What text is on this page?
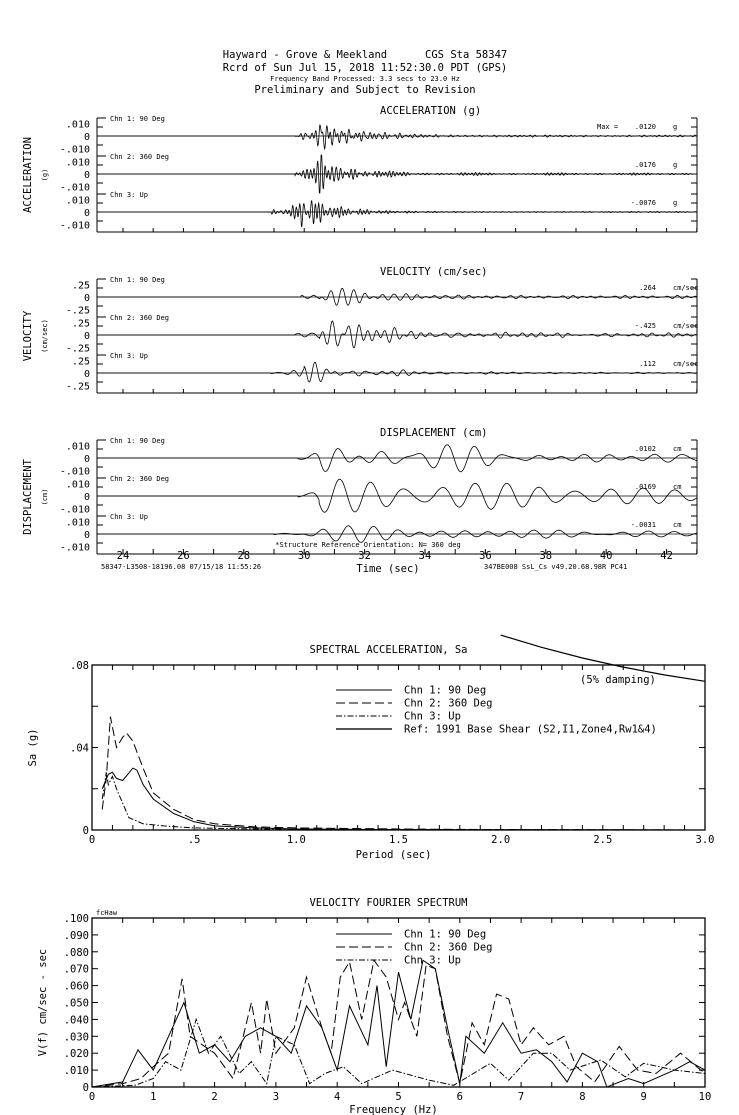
Hayward - Grove & Meekland      CGS Sta 58347
Rcrd of Sun Jul 15, 2018 11:52:30.0 PDT (GPS)
Frequency Band Processed: 3.3 secs to 23.0 Hz
Preliminary and Subject to Revision
ACCELERATION (g)
ACCELERATION (g)
.010
0
-.010
Chn 1: 90 Deg
Max = .0120 g
.010
0
-.010
Chn 2: 360 Deg
.0176 g
.010
0
-.010
Chn 3: Up
-.0076 g
VELOCITY (cm/sec)
VELOCITY (cm/sec)
.25
0
-.25
Chn 1: 90 Deg
.264 cm/sec
.25
0
-.25
Chn 2: 360 Deg
-.425 cm/sec
.25
0
-.25
Chn 3: Up
.112 cm/sec
DISPLACEMENT (cm)
DISPLACEMENT (cm)
.010
0
-.010
Chn 1: 90 Deg
.0102 cm
.010
0
-.010
Chn 2: 360 Deg
.0169 cm
.010
0
-.010
Chn 3: Up
-.0031 cm
24	26	28	30	32	34	36	38	40	42
Time (sec)
58347-L3508-18196.08 07/15/18 11:55:26	347BE008 SsL_Cs v49.20.68.98R PC41
*Structure Reference Orientation: N= 360 deg
SPECTRAL ACCELERATION, Sa
0	.5	1.0	1.5	2.0	2.5	3.0
.08
.04
0
Period (sec)
Sa (g)
Chn 1: 90 Deg
Chn 2: 360 Deg
Chn 3: Up
Ref: 1991 Base Shear (S2,I1,Zone4,Rw1&4)
(5% damping)
VELOCITY FOURIER SPECTRUM
0	1	2	3	4	5	6	7	8	9	10
.100
.090
.080
.070
.060
.050
.040
.030
.020
.010
0
Frequency (Hz)
V(f) cm/sec - sec
Chn 1: 90 Deg
Chn 2: 360 Deg
Chn 3: Up
fcHaw
